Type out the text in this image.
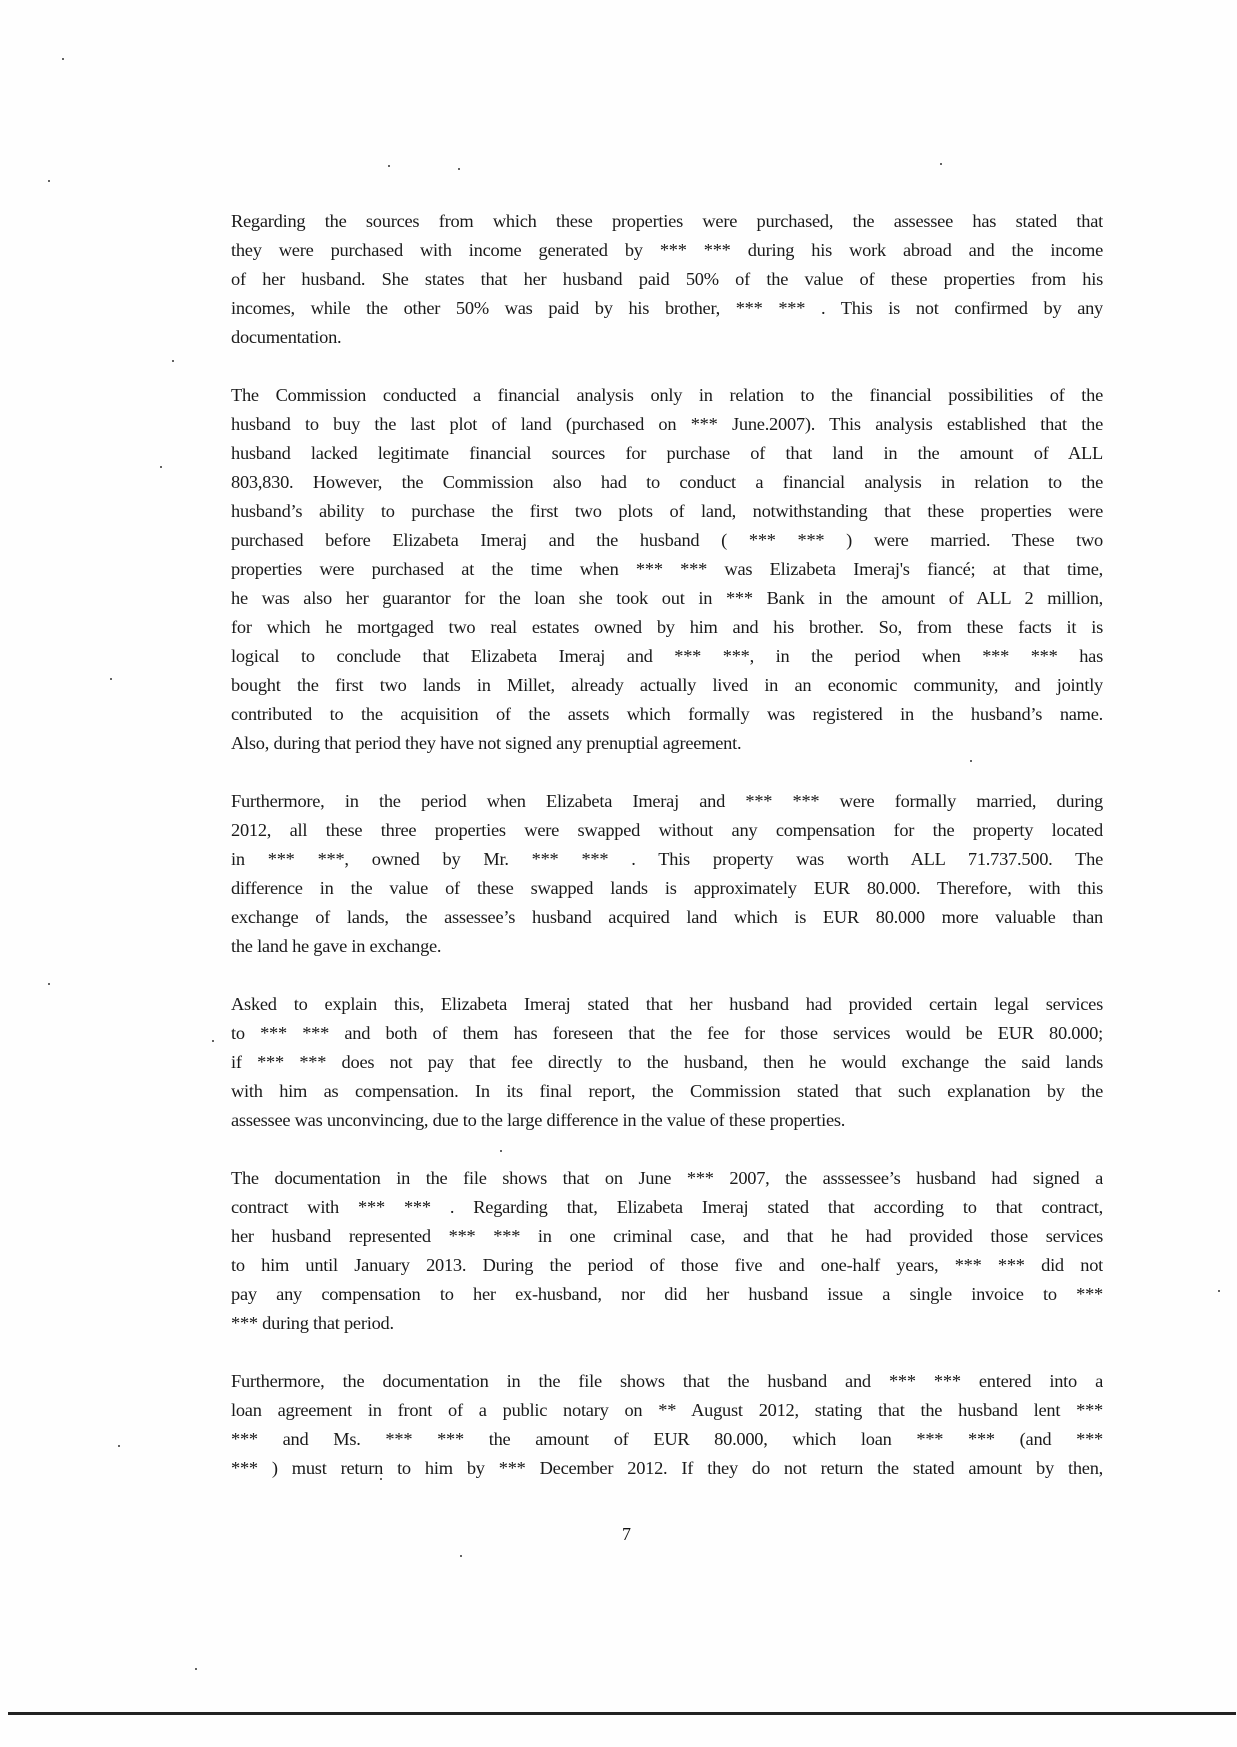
Regarding the sources from which these properties were purchased, the assessee has stated that
they were purchased with income generated by *** *** during his work abroad and the income
of her husband. She states that her husband paid 50% of the value of these properties from his
incomes, while the other 50% was paid by his brother, *** *** . This is not confirmed by any
documentation.
The Commission conducted a financial analysis only in relation to the financial possibilities of the
husband to buy the last plot of land (purchased on *** June.2007). This analysis established that the
husband lacked legitimate financial sources for purchase of that land in the amount of ALL
803,830. However, the Commission also had to conduct a financial analysis in relation to the
husband’s ability to purchase the first two plots of land, notwithstanding that these properties were
purchased before Elizabeta Imeraj and the husband ( *** *** ) were married. These two
properties were purchased at the time when *** *** was Elizabeta Imeraj's fiancé; at that time,
he was also her guarantor for the loan she took out in *** Bank in the amount of ALL 2 million,
for which he mortgaged two real estates owned by him and his brother. So, from these facts it is
logical to conclude that Elizabeta Imeraj and *** ***, in the period when *** *** has
bought the first two lands in Millet, already actually lived in an economic community, and jointly
contributed to the acquisition of the assets which formally was registered in the husband’s name.
Also, during that period they have not signed any prenuptial agreement.
Furthermore, in the period when Elizabeta Imeraj and *** *** were formally married, during
2012, all these three properties were swapped without any compensation for the property located
in *** ***, owned by Mr. *** *** . This property was worth ALL 71.737.500. The
difference in the value of these swapped lands is approximately EUR 80.000. Therefore, with this
exchange of lands, the assessee’s husband acquired land which is EUR 80.000 more valuable than
the land he gave in exchange.
Asked to explain this, Elizabeta Imeraj stated that her husband had provided certain legal services
to *** *** and both of them has foreseen that the fee for those services would be EUR 80.000;
if *** *** does not pay that fee directly to the husband, then he would exchange the said lands
with him as compensation. In its final report, the Commission stated that such explanation by the
assessee was unconvincing, due to the large difference in the value of these properties.
The documentation in the file shows that on June *** 2007, the asssessee’s husband had signed a
contract with *** *** . Regarding that, Elizabeta Imeraj stated that according to that contract,
her husband represented *** *** in one criminal case, and that he had provided those services
to him until January 2013. During the period of those five and one-half years, *** *** did not
pay any compensation to her ex-husband, nor did her husband issue a single invoice to ***
*** during that period.
Furthermore, the documentation in the file shows that the husband and *** *** entered into a
loan agreement in front of a public notary on ** August 2012, stating that the husband lent ***
*** and Ms. *** *** the amount of EUR 80.000, which loan *** *** (and ***
*** ) must return to him by *** December 2012. If they do not return the stated amount by then,
7
